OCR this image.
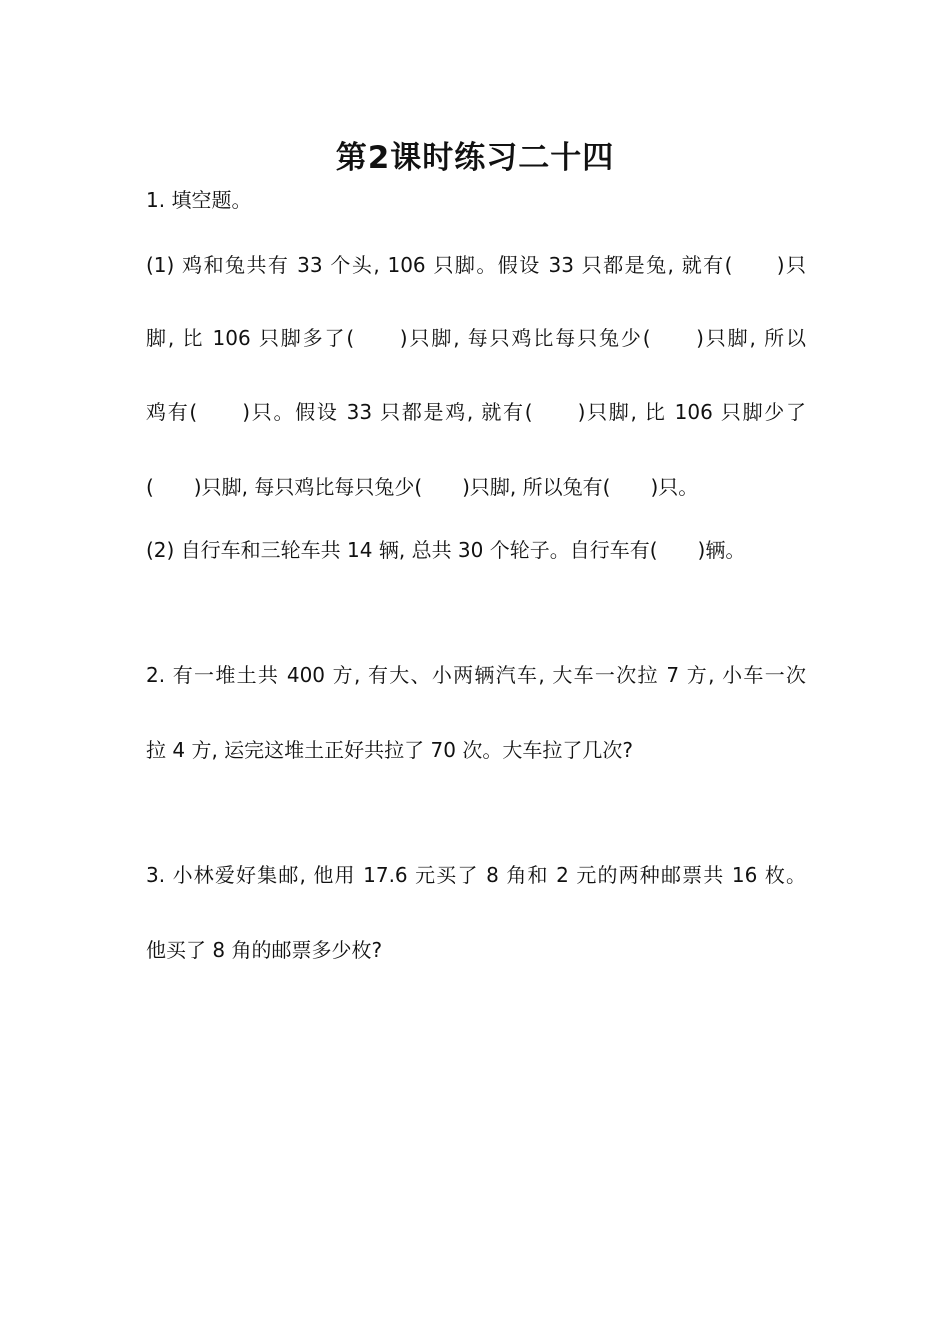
第2课时练习二十四
1. 填空题。
(1) 鸡和兔共有 33 个头, 106 只脚。假设 33 只都是兔, 就有(　　)只
脚, 比 106 只脚多了(　　)只脚, 每只鸡比每只兔少(　　)只脚, 所以
鸡有(　　)只。假设 33 只都是鸡, 就有(　　)只脚, 比 106 只脚少了
(　　)只脚, 每只鸡比每只兔少(　　)只脚, 所以兔有(　　)只。
(2) 自行车和三轮车共 14 辆, 总共 30 个轮子。自行车有(　　)辆。
2. 有一堆土共 400 方, 有大、小两辆汽车, 大车一次拉 7 方, 小车一次
拉 4 方, 运完这堆土正好共拉了 70 次。大车拉了几次?
3. 小林爱好集邮, 他用 17.6 元买了 8 角和 2 元的两种邮票共 16 枚。
他买了 8 角的邮票多少枚?
